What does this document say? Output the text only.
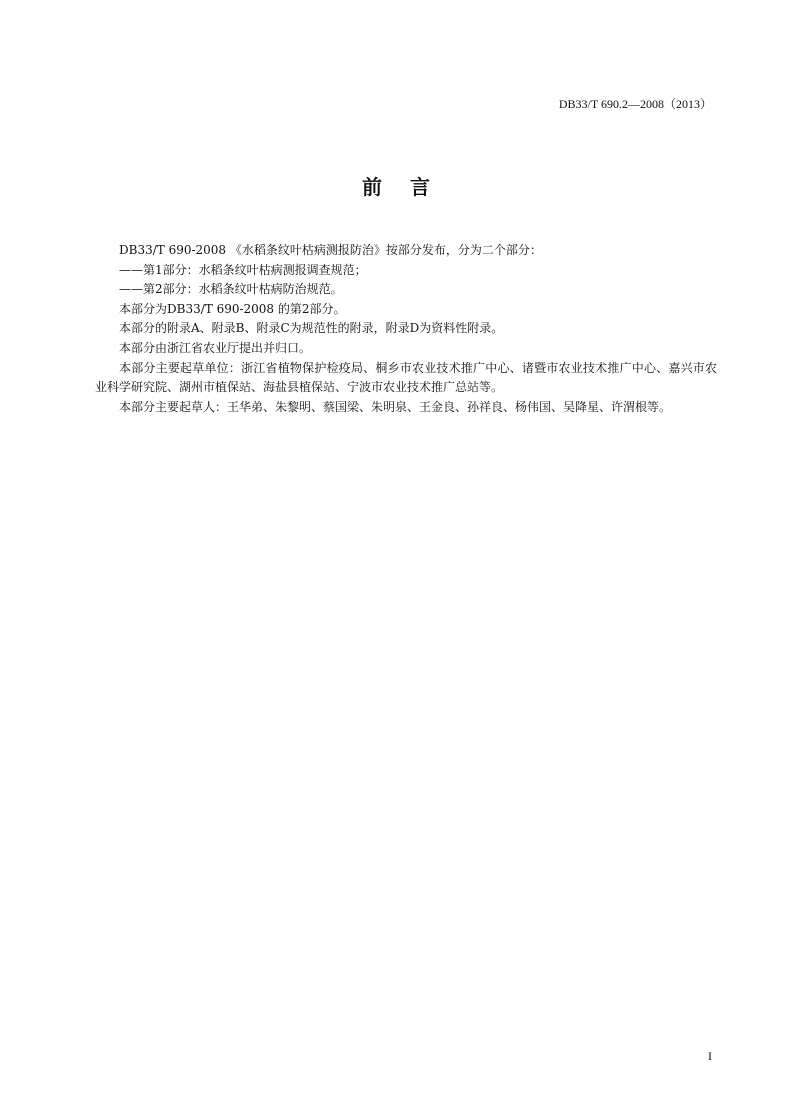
DB33/T 690.2—2008（2013）
前言

DB33/T 690-2008 《水稻条纹叶枯病测报防治》按部分发布，分为二个部分：

——第1部分：水稻条纹叶枯病测报调查规范；

——第2部分：水稻条纹叶枯病防治规范。

本部分为DB33/T 690-2008 的第2部分。

本部分的附录A、附录B、附录C为规范性的附录，附录D为资料性附录。

本部分由浙江省农业厅提出并归口。

本部分主要起草单位：浙江省植物保护检疫局、桐乡市农业技术推广中心、诸暨市农业技术推广中心、嘉兴市农业科学研究院、湖州市植保站、海盐县植保站、宁波市农业技术推广总站等。

本部分主要起草人：王华弟、朱黎明、蔡国梁、朱明泉、王金良、孙祥良、杨伟国、吴降星、许渭根等。

I
